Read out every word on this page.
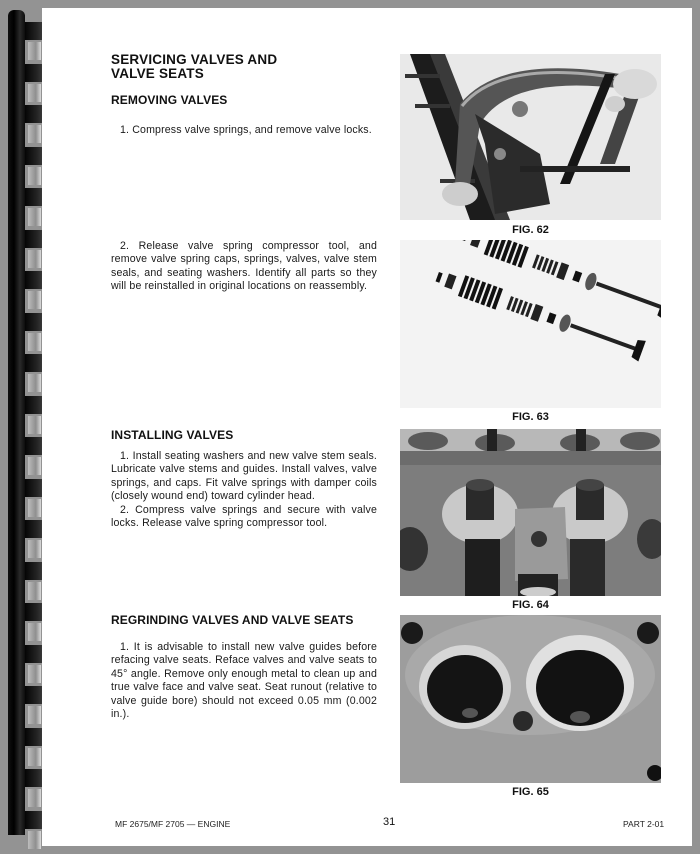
SERVICING VALVES AND
VALVE SEATS
REMOVING VALVES

1. Compress valve springs, and remove valve locks.

2. Release valve spring compressor tool, and remove valve spring caps, springs, valves, valve stem seals, and seating washers. Identify all parts so they will be reinstalled in original locations on reassembly.

INSTALLING VALVES

1. Install seating washers and new valve stem seals. Lubricate valve stems and guides. Install valves, valve springs, and caps. Fit valve springs with damper coils (closely wound end) toward cylinder head.

2. Compress valve springs and secure with valve locks. Release valve spring compressor tool.

REGRINDING VALVES AND VALVE SEATS

1. It is advisable to install new valve guides before refacing valve seats. Reface valves and valve seats to 45° angle. Remove only enough metal to clean up and true valve face and valve seat. Seat runout (relative to valve guide bore) should not exceed 0.05 mm (0.002 in.).

FIG. 62
FIG. 63
FIG. 64
FIG. 65
MF 2675/MF 2705 — ENGINE	31	PART 2-01
